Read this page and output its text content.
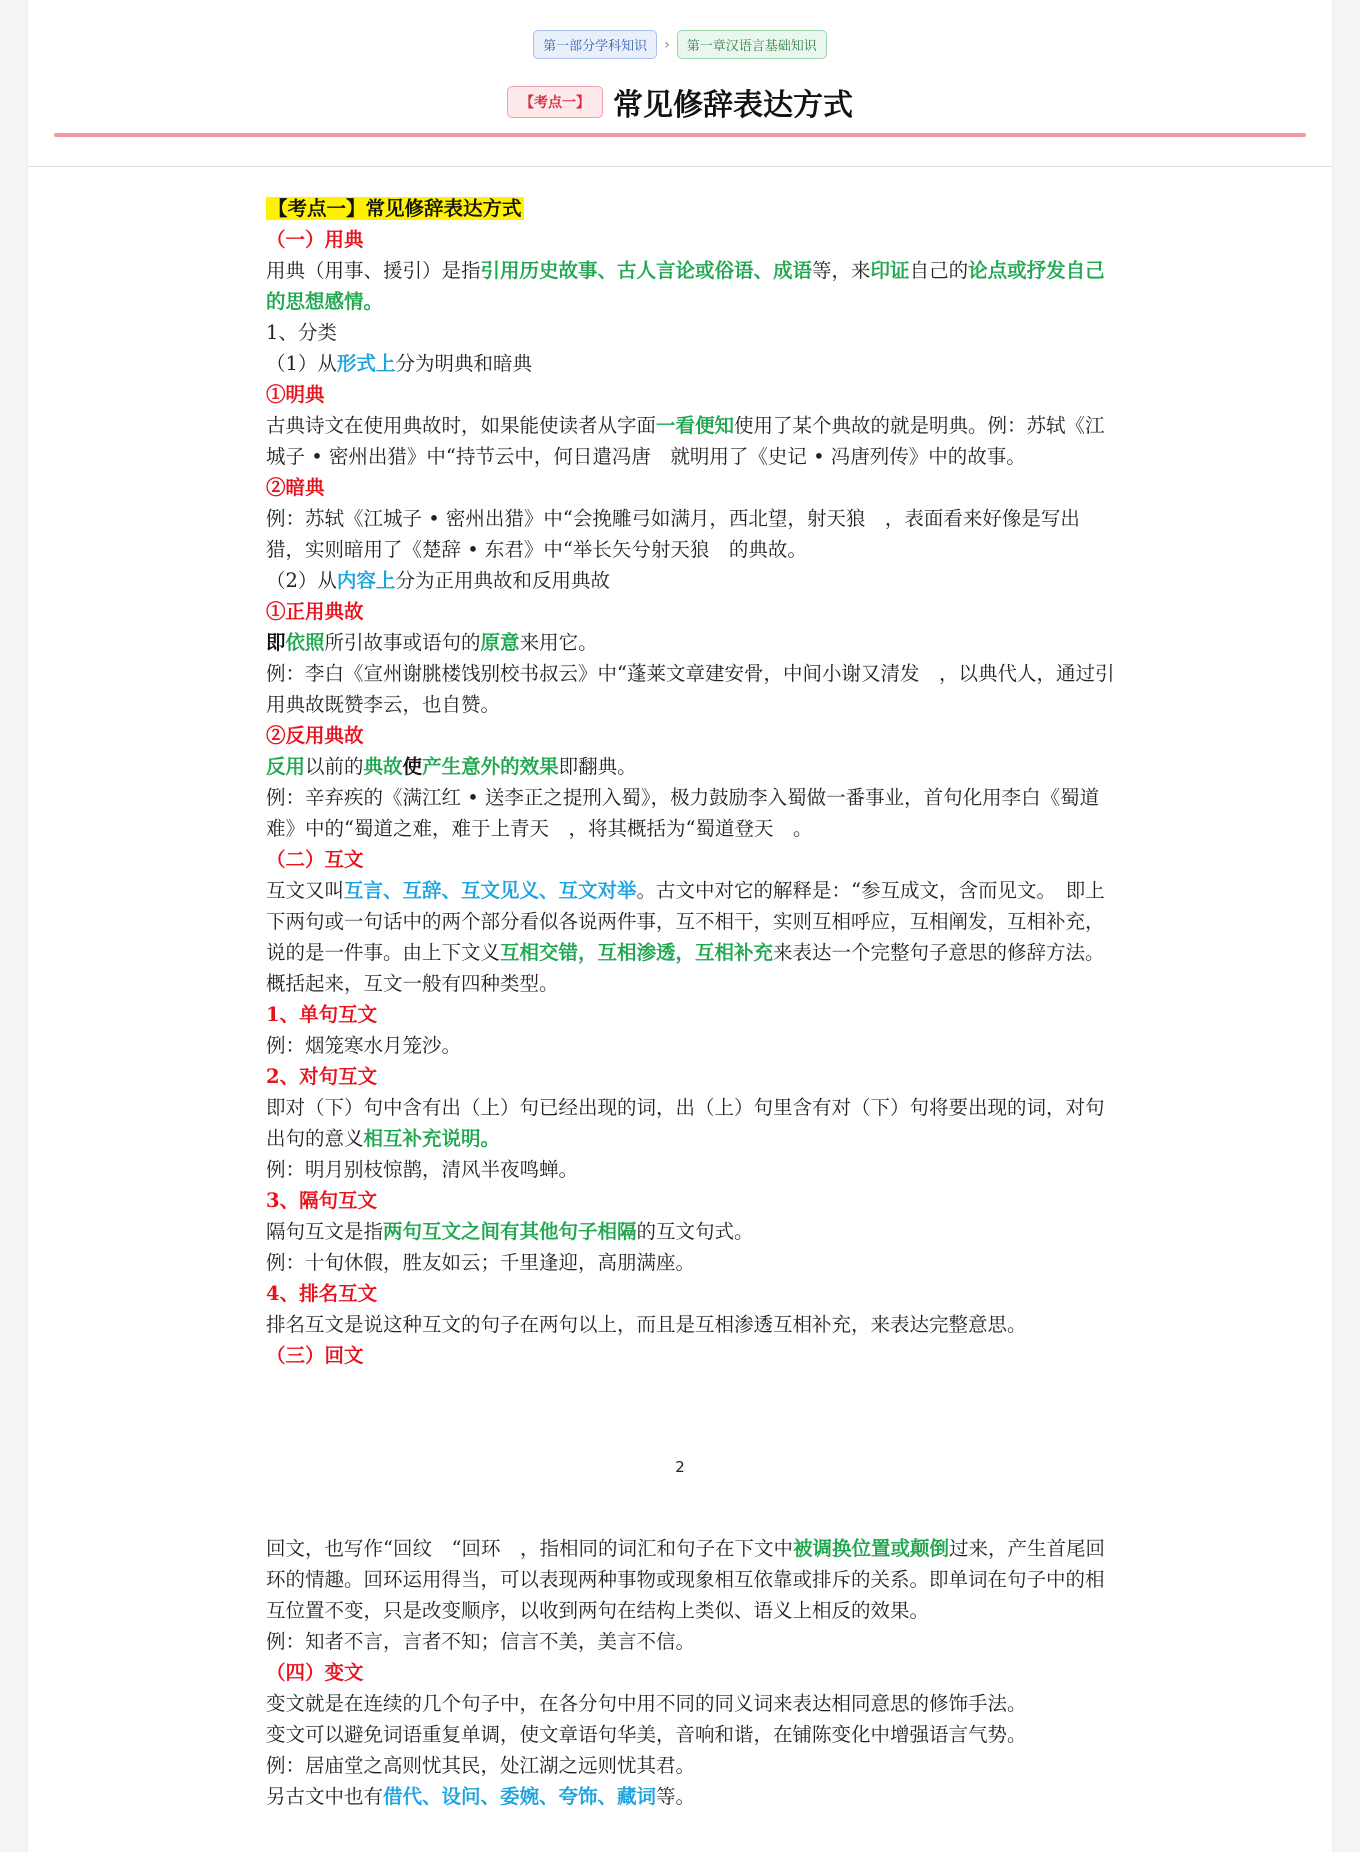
第一部分学科知识 › 第一章汉语言基础知识
【考点一】 常见修辞表达方式

【考点一】常见修辞表达方式

（一）用典

用典（用事、援引）是指引用历史故事、古人言论或俗语、成语等，来印证自己的论点或抒发自己的思想感情。

1、分类

（1）从形式上分为明典和暗典

①明典

古典诗文在使用典故时，如果能使读者从字面一看便知使用了某个典故的就是明典。例：苏轼《江城子 • 密州出猎》中“持节云中，何日遣冯唐　就明用了《史记 • 冯唐列传》中的故事。

②暗典

例：苏轼《江城子 • 密州出猎》中“会挽雕弓如满月，西北望，射天狼　，表面看来好像是写出猎，实则暗用了《楚辞 • 东君》中“举长矢兮射天狼　的典故。

（2）从内容上分为正用典故和反用典故

①正用典故

即依照所引故事或语句的原意来用它。

例：李白《宣州谢朓楼饯别校书叔云》中“蓬莱文章建安骨，中间小谢又清发　，以典代人，通过引用典故既赞李云，也自赞。

②反用典故

反用以前的典故使产生意外的效果即翻典。

例：辛弃疾的《满江红 • 送李正之提刑入蜀》，极力鼓励李入蜀做一番事业，首句化用李白《蜀道难》中的“蜀道之难，难于上青天　，将其概括为“蜀道登天　。

（二）互文

互文又叫互言、互辞、互文见义、互文对举。古文中对它的解释是：“参互成文，含而见文。　即上下两句或一句话中的两个部分看似各说两件事，互不相干，实则互相呼应，互相阐发，互相补充，说的是一件事。由上下文义互相交错，互相渗透，互相补充来表达一个完整句子意思的修辞方法。概括起来，互文一般有四种类型。

1、单句互文

例：烟笼寒水月笼沙。

2、对句互文

即对（下）句中含有出（上）句已经出现的词，出（上）句里含有对（下）句将要出现的词，对句出句的意义相互补充说明。

例：明月别枝惊鹊，清风半夜鸣蝉。

3、隔句互文

隔句互文是指两句互文之间有其他句子相隔的互文句式。

例：十旬休假，胜友如云；千里逢迎，高朋满座。

4、排名互文

排名互文是说这种互文的句子在两句以上，而且是互相渗透互相补充，来表达完整意思。

（三）回文

2

回文，也写作“回纹　“回环　，指相同的词汇和句子在下文中被调换位置或颠倒过来，产生首尾回环的情趣。回环运用得当，可以表现两种事物或现象相互依靠或排斥的关系。即单词在句子中的相互位置不变，只是改变顺序，以收到两句在结构上类似、语义上相反的效果。

例：知者不言，言者不知；信言不美，美言不信。

（四）变文

变文就是在连续的几个句子中，在各分句中用不同的同义词来表达相同意思的修饰手法。

变文可以避免词语重复单调，使文章语句华美，音响和谐，在铺陈变化中增强语言气势。

例：居庙堂之高则忧其民，处江湖之远则忧其君。

另古文中也有借代、设问、委婉、夸饰、藏词等。
